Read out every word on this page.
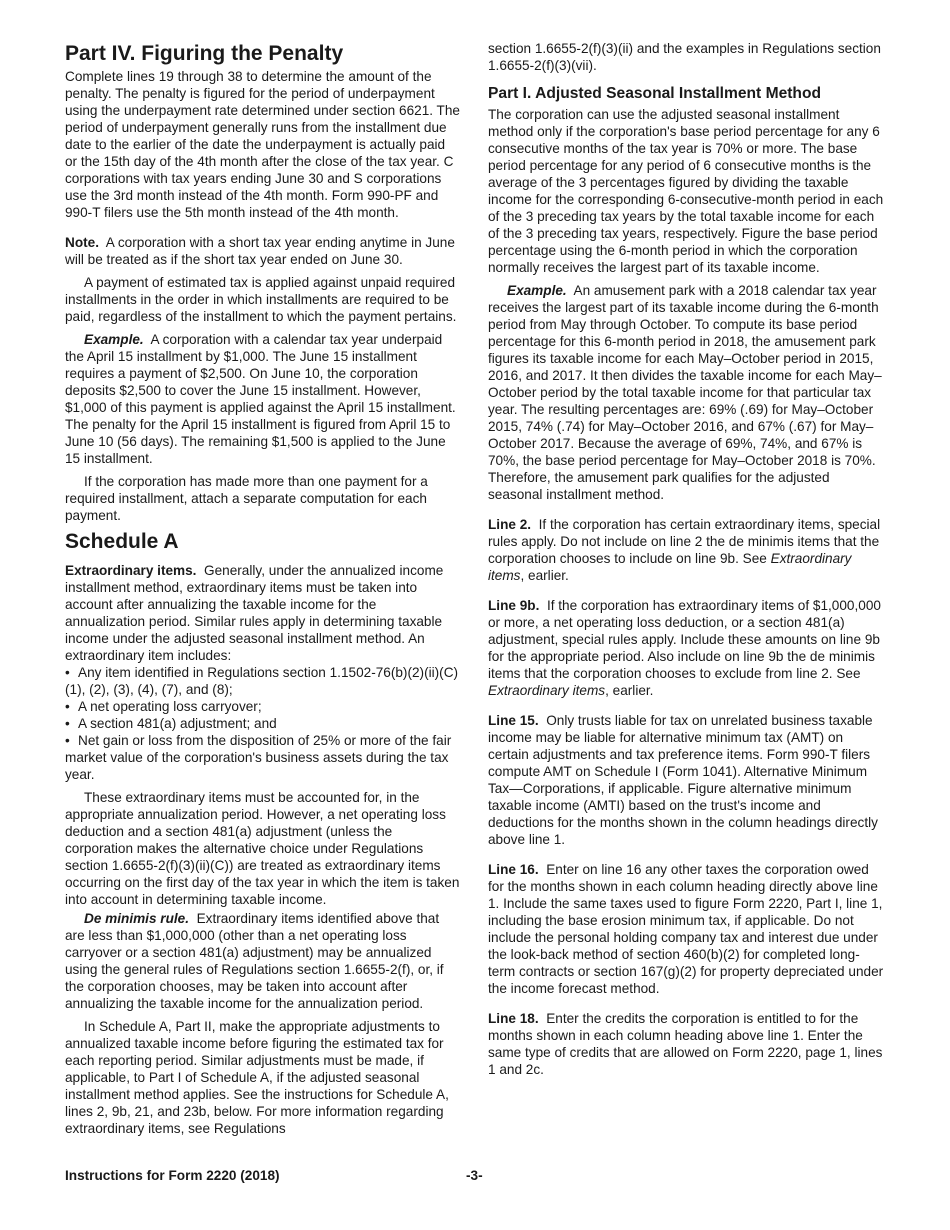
Part IV. Figuring the Penalty

Complete lines 19 through 38 to determine the amount of the penalty. The penalty is figured for the period of underpayment using the underpayment rate determined under section 6621. The period of underpayment generally runs from the installment due date to the earlier of the date the underpayment is actually paid or the 15th day of the 4th month after the close of the tax year. C corporations with tax years ending June 30 and S corporations use the 3rd month instead of the 4th month. Form 990-PF and 990-T filers use the 5th month instead of the 4th month.

Note. A corporation with a short tax year ending anytime in June will be treated as if the short tax year ended on June 30.

A payment of estimated tax is applied against unpaid required installments in the order in which installments are required to be paid, regardless of the installment to which the payment pertains.

Example. A corporation with a calendar tax year underpaid the April 15 installment by $1,000. The June 15 installment requires a payment of $2,500. On June 10, the corporation deposits $2,500 to cover the June 15 installment. However, $1,000 of this payment is applied against the April 15 installment. The penalty for the April 15 installment is figured from April 15 to June 10 (56 days). The remaining $1,500 is applied to the June 15 installment.

If the corporation has made more than one payment for a required installment, attach a separate computation for each payment.

Schedule A

Extraordinary items. Generally, under the annualized income installment method, extraordinary items must be taken into account after annualizing the taxable income for the annualization period. Similar rules apply in determining taxable income under the adjusted seasonal installment method. An extraordinary item includes:

• Any item identified in Regulations section 1.1502-76(b)(2)(ii)(C)(1), (2), (3), (4), (7), and (8);

• A net operating loss carryover;

• A section 481(a) adjustment; and

• Net gain or loss from the disposition of 25% or more of the fair market value of the corporation's business assets during the tax year.

These extraordinary items must be accounted for, in the appropriate annualization period. However, a net operating loss deduction and a section 481(a) adjustment (unless the corporation makes the alternative choice under Regulations section 1.6655-2(f)(3)(ii)(C)) are treated as extraordinary items occurring on the first day of the tax year in which the item is taken into account in determining taxable income.

De minimis rule. Extraordinary items identified above that are less than $1,000,000 (other than a net operating loss carryover or a section 481(a) adjustment) may be annualized using the general rules of Regulations section 1.6655-2(f), or, if the corporation chooses, may be taken into account after annualizing the taxable income for the annualization period.

In Schedule A, Part II, make the appropriate adjustments to annualized taxable income before figuring the estimated tax for each reporting period. Similar adjustments must be made, if applicable, to Part I of Schedule A, if the adjusted seasonal installment method applies. See the instructions for Schedule A, lines 2, 9b, 21, and 23b, below. For more information regarding extraordinary items, see Regulations

section 1.6655-2(f)(3)(ii) and the examples in Regulations section 1.6655-2(f)(3)(vii).

Part I. Adjusted Seasonal Installment Method

The corporation can use the adjusted seasonal installment method only if the corporation's base period percentage for any 6 consecutive months of the tax year is 70% or more. The base period percentage for any period of 6 consecutive months is the average of the 3 percentages figured by dividing the taxable income for the corresponding 6-consecutive-month period in each of the 3 preceding tax years by the total taxable income for each of the 3 preceding tax years, respectively. Figure the base period percentage using the 6-month period in which the corporation normally receives the largest part of its taxable income.

Example. An amusement park with a 2018 calendar tax year receives the largest part of its taxable income during the 6-month period from May through October. To compute its base period percentage for this 6-month period in 2018, the amusement park figures its taxable income for each May–October period in 2015, 2016, and 2017. It then divides the taxable income for each May–October period by the total taxable income for that particular tax year. The resulting percentages are: 69% (.69) for May–October 2015, 74% (.74) for May–October 2016, and 67% (.67) for May–October 2017. Because the average of 69%, 74%, and 67% is 70%, the base period percentage for May–October 2018 is 70%. Therefore, the amusement park qualifies for the adjusted seasonal installment method.

Line 2. If the corporation has certain extraordinary items, special rules apply. Do not include on line 2 the de minimis items that the corporation chooses to include on line 9b. See Extraordinary items, earlier.

Line 9b. If the corporation has extraordinary items of $1,000,000 or more, a net operating loss deduction, or a section 481(a) adjustment, special rules apply. Include these amounts on line 9b for the appropriate period. Also include on line 9b the de minimis items that the corporation chooses to exclude from line 2. See Extraordinary items, earlier.

Line 15. Only trusts liable for tax on unrelated business taxable income may be liable for alternative minimum tax (AMT) on certain adjustments and tax preference items. Form 990-T filers compute AMT on Schedule I (Form 1041). Alternative Minimum Tax—Corporations, if applicable. Figure alternative minimum taxable income (AMTI) based on the trust's income and deductions for the months shown in the column headings directly above line 1.

Line 16. Enter on line 16 any other taxes the corporation owed for the months shown in each column heading directly above line 1. Include the same taxes used to figure Form 2220, Part I, line 1, including the base erosion minimum tax, if applicable. Do not include the personal holding company tax and interest due under the look-back method of section 460(b)(2) for completed long-term contracts or section 167(g)(2) for property depreciated under the income forecast method.

Line 18. Enter the credits the corporation is entitled to for the months shown in each column heading above line 1. Enter the same type of credits that are allowed on Form 2220, page 1, lines 1 and 2c.

Instructions for Form 2220 (2018)	-3-
